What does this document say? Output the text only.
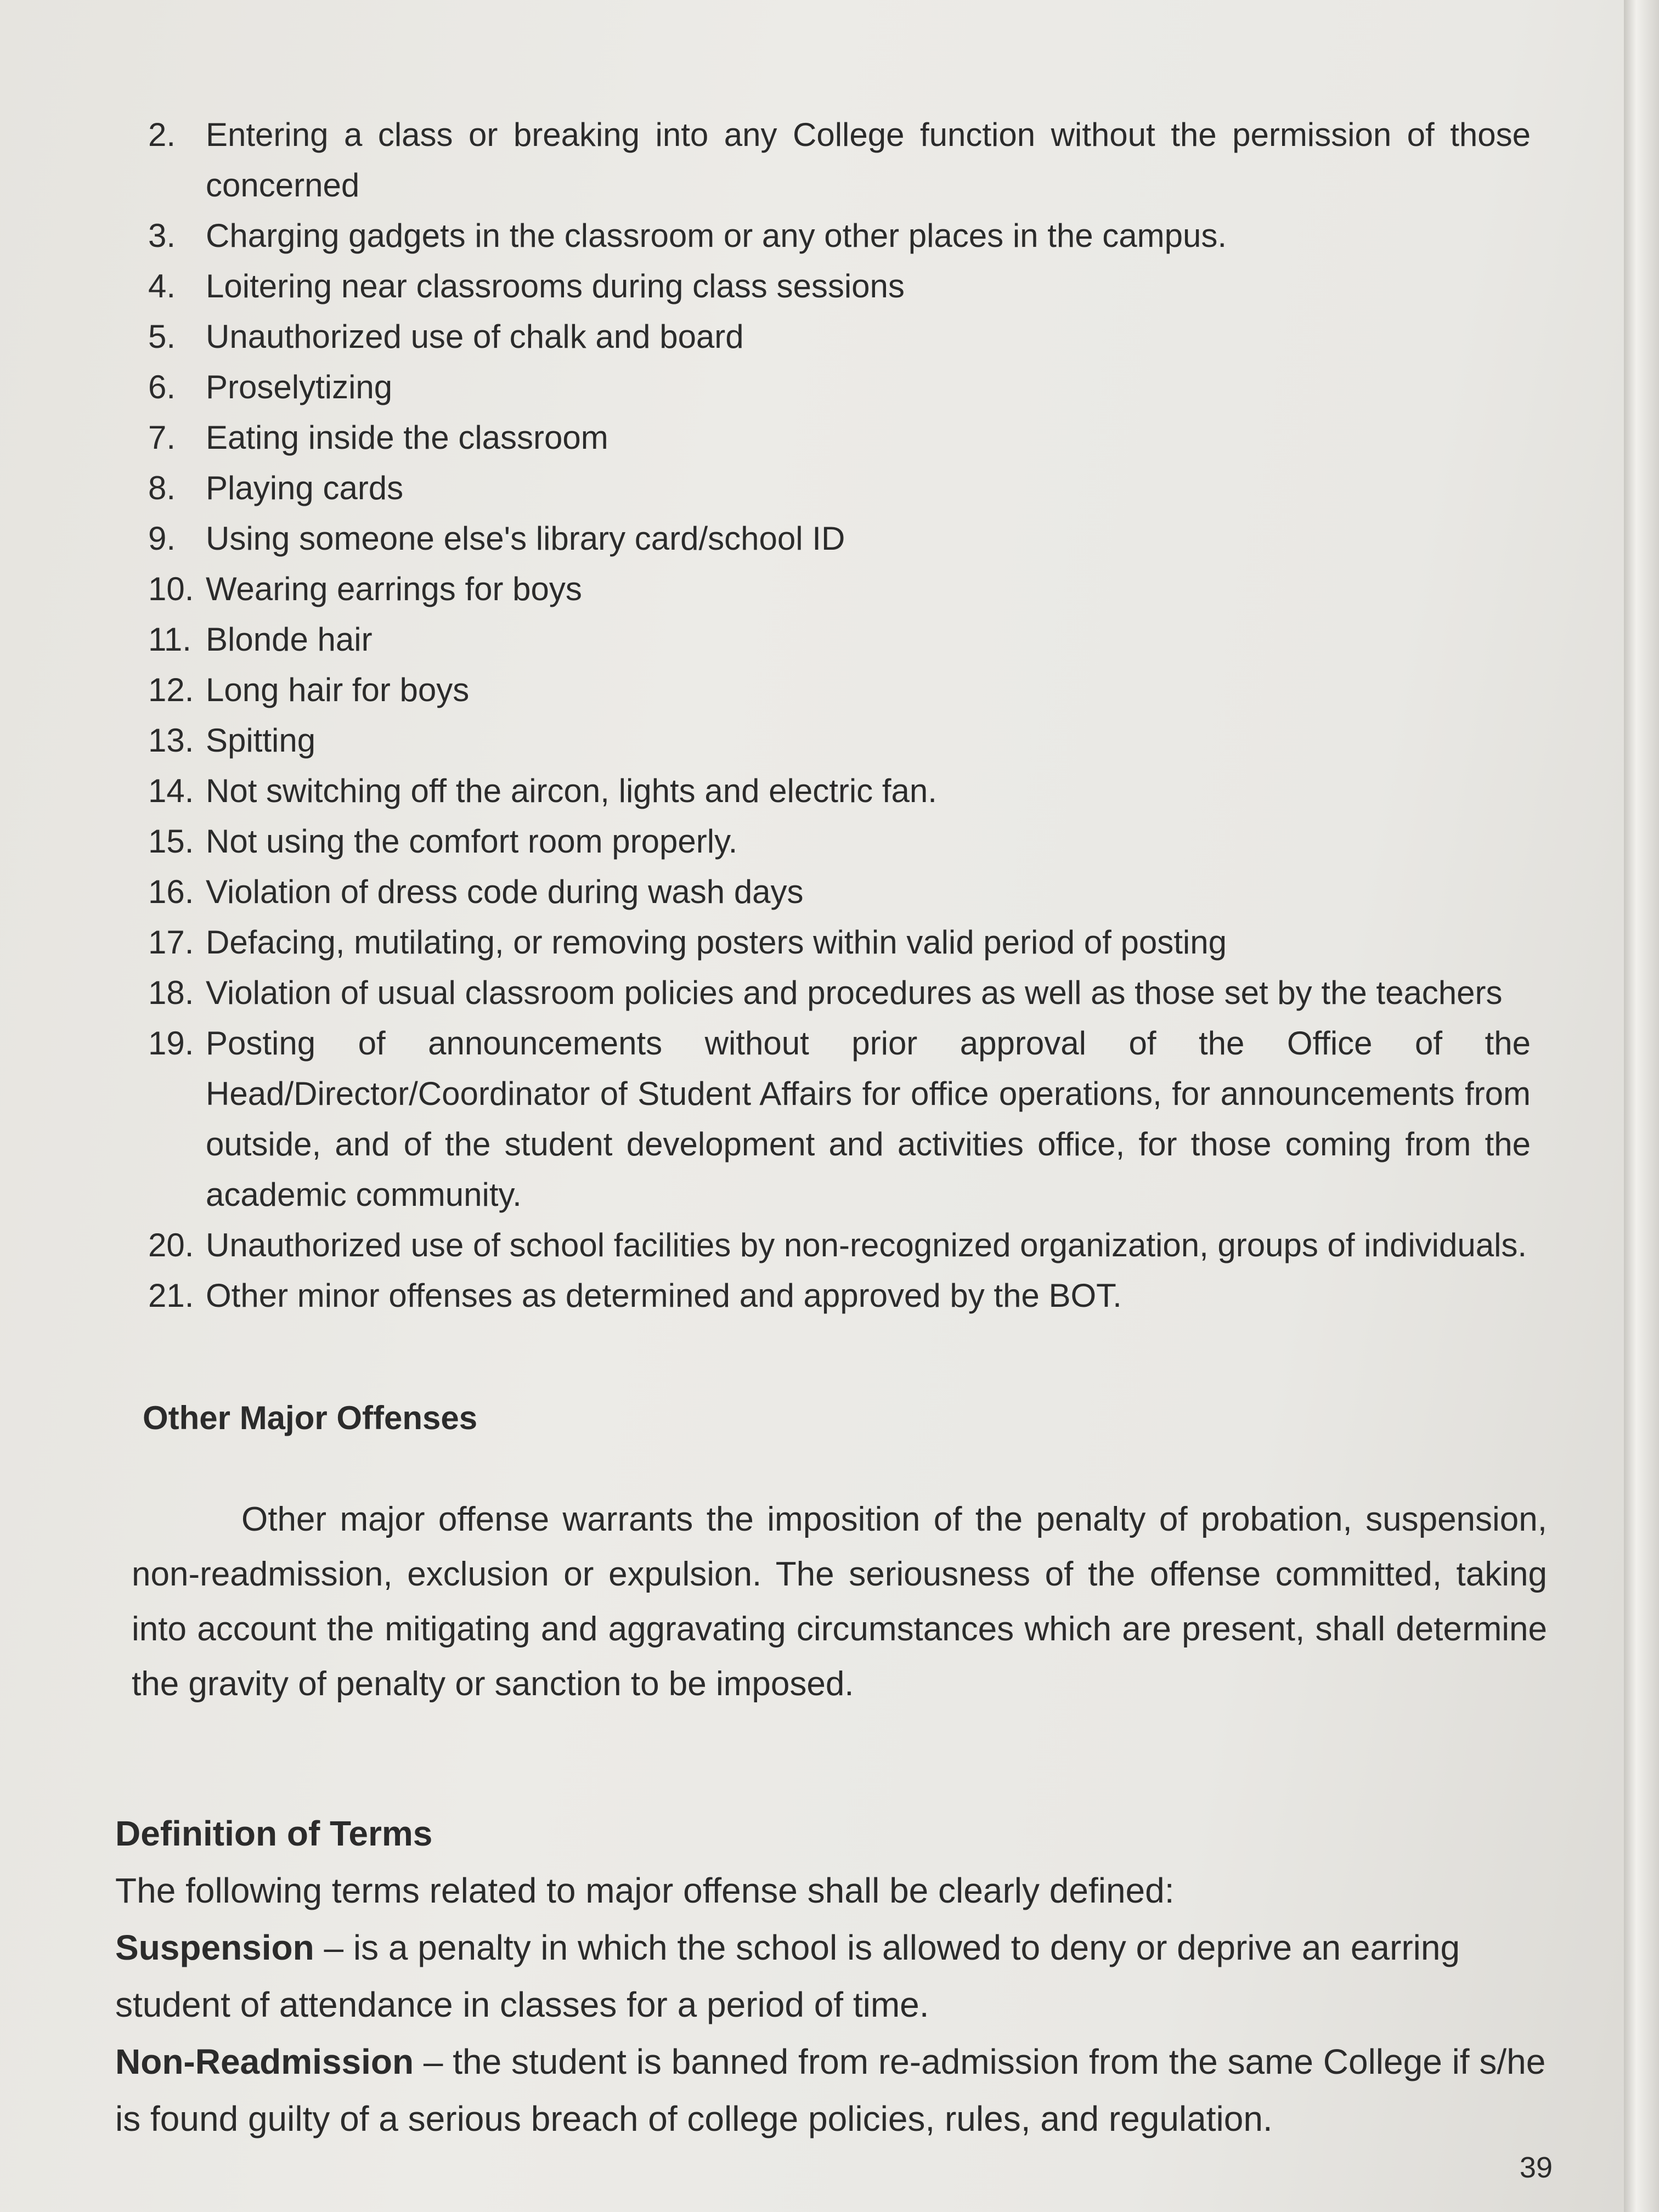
2. Entering a class or breaking into any College function without the permission of those concerned
3. Charging gadgets in the classroom or any other places in the campus.
4. Loitering near classrooms during class sessions
5. Unauthorized use of chalk and board
6. Proselytizing
7. Eating inside the classroom
8. Playing cards
9. Using someone else's library card/school ID
10. Wearing earrings for boys
11. Blonde hair
12. Long hair for boys
13. Spitting
14. Not switching off the aircon, lights and electric fan.
15. Not using the comfort room properly.
16. Violation of dress code during wash days
17. Defacing, mutilating, or removing posters within valid period of posting
18. Violation of usual classroom policies and procedures as well as those set by the teachers
19. Posting of announcements without prior approval of the Office of the Head/Director/Coordinator of Student Affairs for office operations, for announcements from outside, and of the student development and activities office, for those coming from the academic community.
20. Unauthorized use of school facilities by non-recognized organization, groups of individuals.
21. Other minor offenses as determined and approved by the BOT.
Other Major Offenses

Other major offense warrants the imposition of the penalty of probation, suspension, non-readmission, exclusion or expulsion. The seriousness of the offense committed, taking into account the mitigating and aggravating circumstances which are present, shall determine the gravity of penalty or sanction to be imposed.

Definition of Terms

The following terms related to major offense shall be clearly defined:

Suspension – is a penalty in which the school is allowed to deny or deprive an earring student of attendance in classes for a period of time.

Non-Readmission – the student is banned from re-admission from the same College if s/he is found guilty of a serious breach of college policies, rules, and regulation.

39
